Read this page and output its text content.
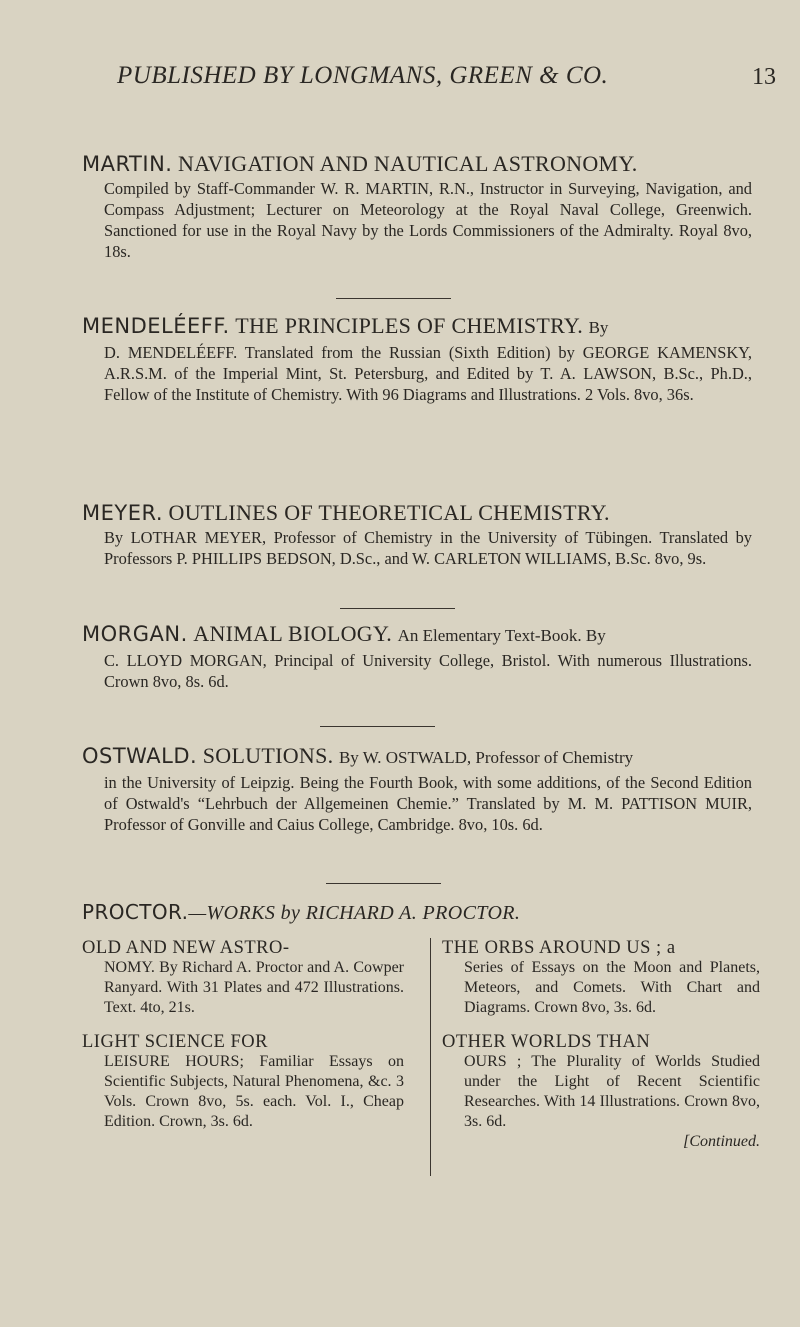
PUBLISHED BY LONGMANS, GREEN & CO.	13
MARTIN. NAVIGATION AND NAUTICAL ASTRONOMY.
Compiled by Staff-Commander W. R. MARTIN, R.N., Instructor in Surveying, Navigation, and Compass Adjustment; Lecturer on Meteorology at the Royal Naval College, Greenwich. Sanctioned for use in the Royal Navy by the Lords Commissioners of the Admiralty. Royal 8vo, 18s.
MENDELÉEFF. THE PRINCIPLES OF CHEMISTRY. By
D. MENDELÉEFF. Translated from the Russian (Sixth Edition) by GEORGE KAMENSKY, A.R.S.M. of the Imperial Mint, St. Petersburg, and Edited by T. A. LAWSON, B.Sc., Ph.D., Fellow of the Institute of Chemistry. With 96 Diagrams and Illustrations. 2 Vols. 8vo, 36s.
MEYER. OUTLINES OF THEORETICAL CHEMISTRY.
By LOTHAR MEYER, Professor of Chemistry in the University of Tübingen. Translated by Professors P. PHILLIPS BEDSON, D.Sc., and W. CARLETON WILLIAMS, B.Sc. 8vo, 9s.
MORGAN. ANIMAL BIOLOGY. An Elementary Text-Book. By
C. LLOYD MORGAN, Principal of University College, Bristol. With numerous Illustrations. Crown 8vo, 8s. 6d.
OSTWALD. SOLUTIONS. By W. OSTWALD, Professor of Chemistry
in the University of Leipzig. Being the Fourth Book, with some additions, of the Second Edition of Ostwald's “Lehrbuch der Allgemeinen Chemie.” Translated by M. M. PATTISON MUIR, Professor of Gonville and Caius College, Cambridge. 8vo, 10s. 6d.
PROCTOR.—WORKS by RICHARD A. PROCTOR.
OLD AND NEW ASTRO-
NOMY. By Richard A. Proctor and A. Cowper Ranyard. With 31 Plates and 472 Illustrations. Text. 4to, 21s.
LIGHT SCIENCE FOR
LEISURE HOURS; Familiar Essays on Scientific Subjects, Natural Phenomena, &c. 3 Vols. Crown 8vo, 5s. each. Vol. I., Cheap Edition. Crown, 3s. 6d.
THE ORBS AROUND US ; a
Series of Essays on the Moon and Planets, Meteors, and Comets. With Chart and Diagrams. Crown 8vo, 3s. 6d.
OTHER WORLDS THAN
OURS ; The Plurality of Worlds Studied under the Light of Recent Scientific Researches. With 14 Illustrations. Crown 8vo, 3s. 6d.
[Continued.
